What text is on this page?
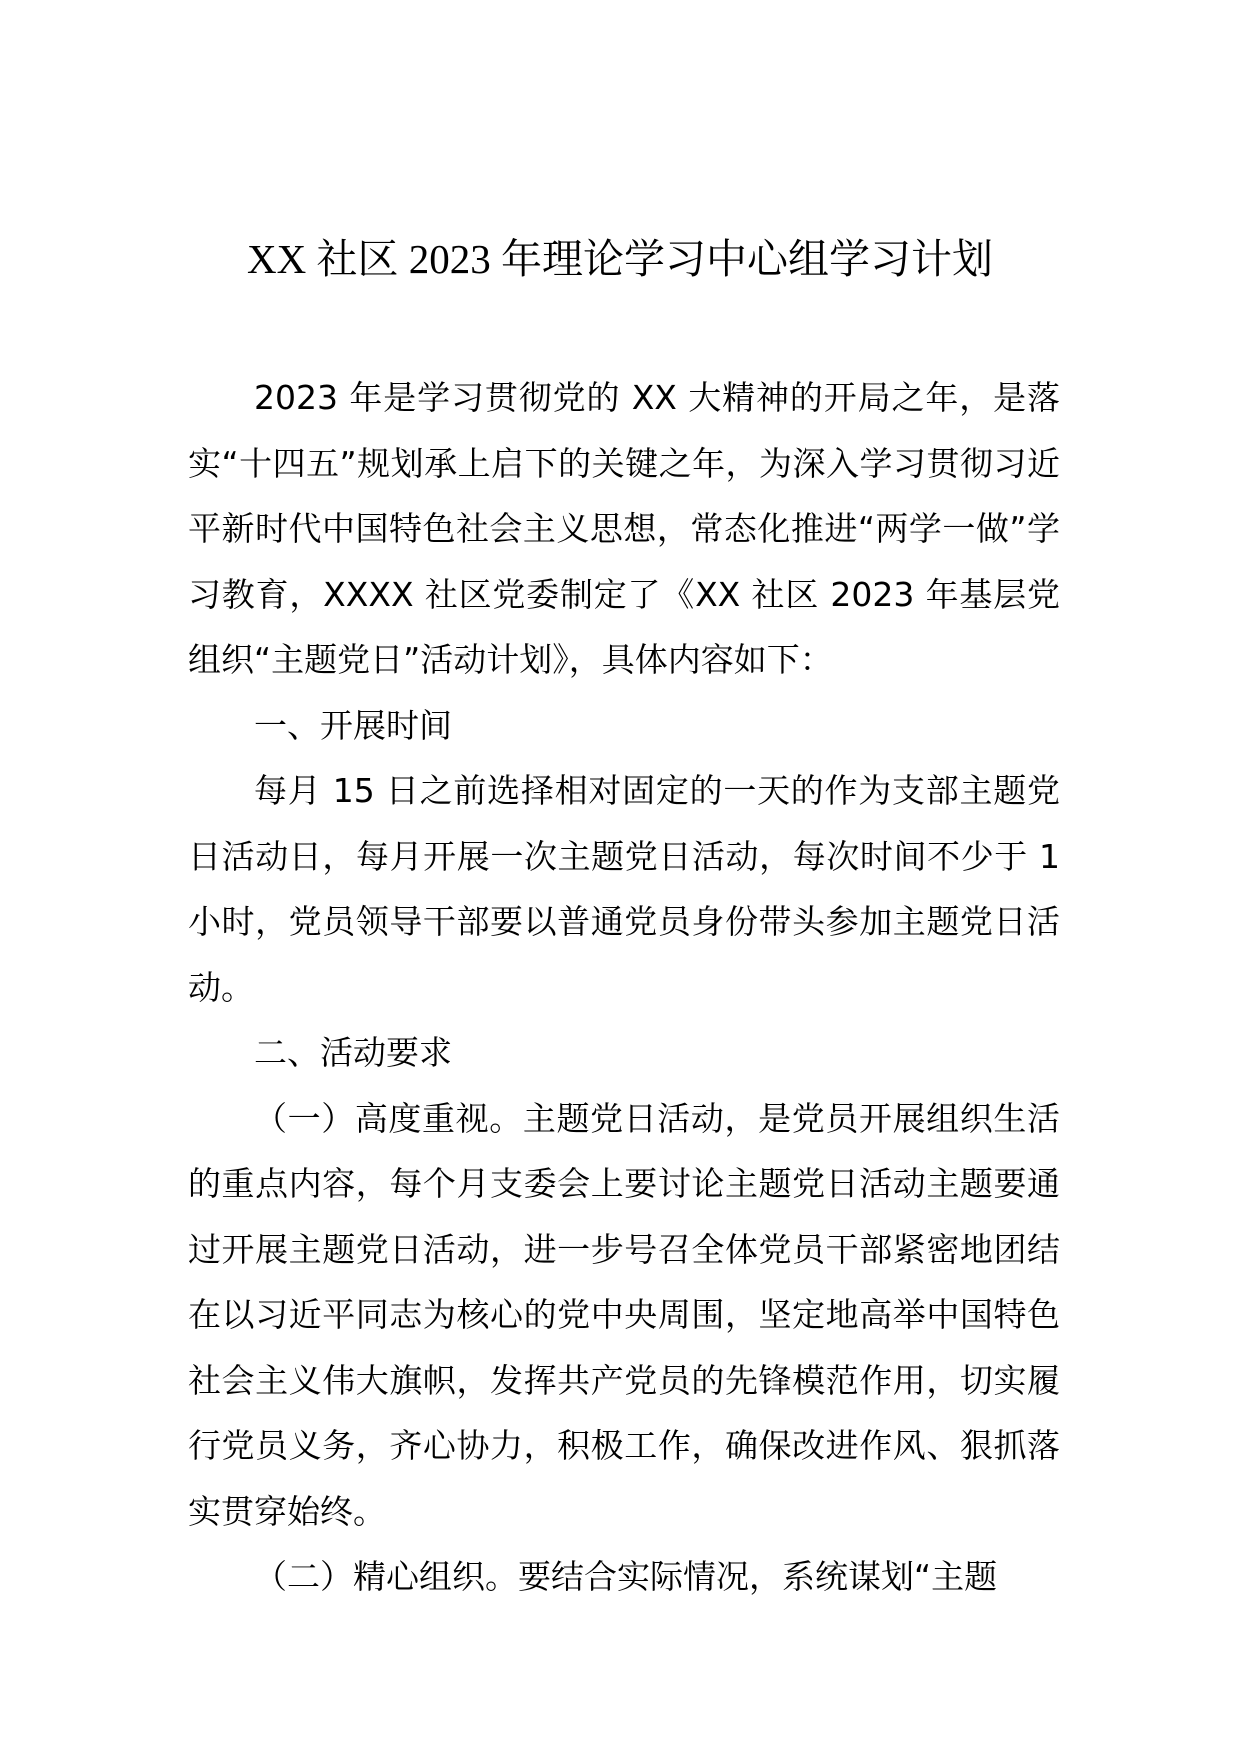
XX 社区 2023 年理论学习中心组学习计划

2023 年是学习贯彻党的 XX 大精神的开局之年，是落实“十四五”规划承上启下的关键之年，为深入学习贯彻习近平新时代中国特色社会主义思想，常态化推进“两学一做”学习教育，XXXX 社区党委制定了《XX 社区 2023 年基层党组织“主题党日”活动计划》，具体内容如下：

一、开展时间

每月 15 日之前选择相对固定的一天的作为支部主题党日活动日，每月开展一次主题党日活动，每次时间不少于 1 小时，党员领导干部要以普通党员身份带头参加主题党日活动。

二、活动要求

（一）高度重视。主题党日活动，是党员开展组织生活的重点内容，每个月支委会上要讨论主题党日活动主题要通过开展主题党日活动，进一步号召全体党员干部紧密地团结在以习近平同志为核心的党中央周围，坚定地高举中国特色社会主义伟大旗帜，发挥共产党员的先锋模范作用，切实履行党员义务，齐心协力，积极工作，确保改进作风、狠抓落实贯穿始终。

（二）精心组织。要结合实际情况，系统谋划“主题
